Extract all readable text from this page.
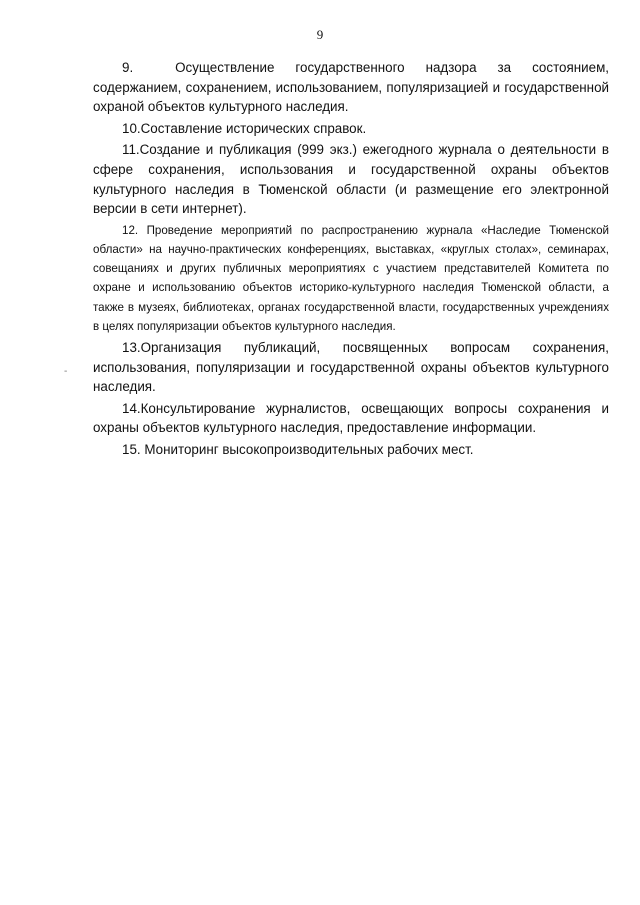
9
-

9.      Осуществление   государственного   надзора   за   состоянием, содержанием, сохранением, использованием, популяризацией и государственной охраной объектов культурного наследия.

10.Составление исторических справок.

11.Создание и публикация (999 экз.) ежегодного журнала о деятельности в сфере сохранения, использования и государственной охраны объектов культурного наследия в Тюменской области (и размещение его электронной версии в сети интернет).

12. Проведение мероприятий по распространению журнала «Наследие Тюменской области» на научно-практических конференциях, выставках, «круглых столах», семинарах, совещаниях и других публичных мероприятиях с участием представителей Комитета по охране и использованию объектов историко-культурного наследия Тюменской области, а также в музеях, библиотеках, органах государственной власти, государственных учреждениях в целях популяризации объектов культурного наследия.

13.Организация публикаций, посвященных вопросам сохранения, использования, популяризации и государственной охраны объектов культурного наследия.

14.Консультирование журналистов, освещающих вопросы сохранения и охраны объектов культурного наследия, предоставление информации.

15. Мониторинг высокопроизводительных рабочих мест.
